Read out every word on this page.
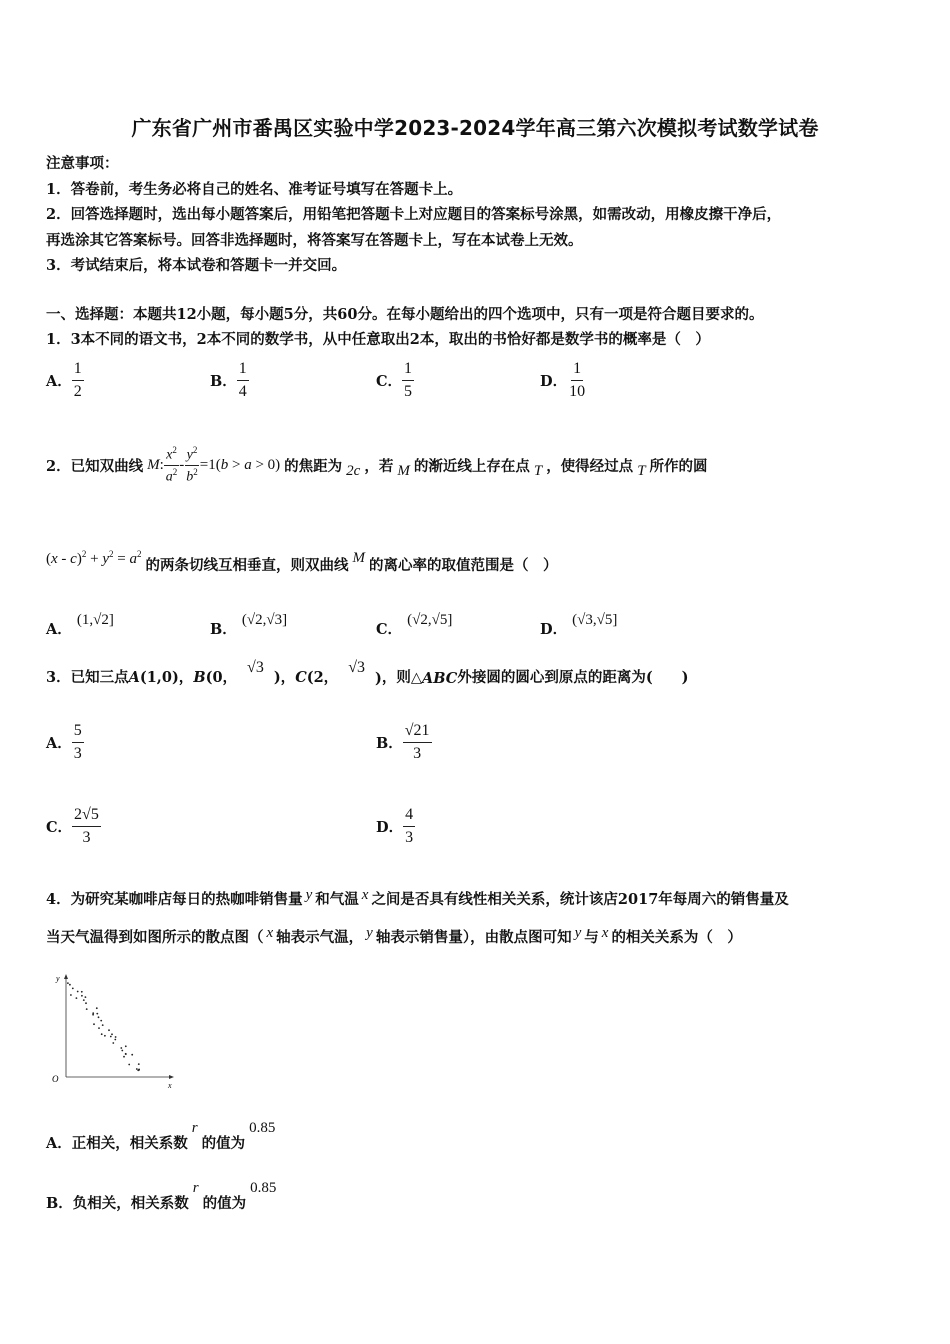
广东省广州市番禺区实验中学2023-2024学年高三第六次模拟考试数学试卷
注意事项：
1．答卷前，考生务必将自己的姓名、准考证号填写在答题卡上。
2．回答选择题时，选出每小题答案后，用铅笔把答题卡上对应题目的答案标号涂黑，如需改动，用橡皮擦干净后，
再选涂其它答案标号。回答非选择题时，将答案写在答题卡上，写在本试卷上无效。
3．考试结束后，将本试卷和答题卡一并交回。
一、选择题：本题共12小题，每小题5分，共60分。在每小题给出的四个选项中，只有一项是符合题目要求的。
1．3本不同的语文书，2本不同的数学书，从中任意取出2本，取出的书恰好都是数学书的概率是（　）
A． $\frac{1}{2}$	B． $\frac{1}{4}$	C． $\frac{1}{5}$	D． $\frac{1}{10}$
2．已知双曲线 M : $\frac{x^2}{a^2} - \frac{y^2}{b^2} =1(b > a > 0)$ 的焦距为 2c ，若 M 的渐近线上存在点 T ，使得经过点 T 所作的圆
$(x - c)^2 + y^2 = a^2$
的两条切线互相垂直，则双曲线 M 的离心率的取值范围是（　）
A． (1,√2]
B． (√2,√3]
C． (√2,√5]
D． (√3,√5]
3．已知三点 A(1,0)，B(0，
√3
)，C(2，
√3
) ，则△ ABC 外接圆的圆心到原点的距离为(　　)
A． $\frac{5}{3}$	B． $\frac{√21}{3}$
C． $\frac{2√5}{3}$	D． $\frac{4}{3}$
4．为研究某咖啡店每日的热咖啡销售量 y 和气温 x 之间是否具有线性相关关系，统计该店2017年每周六的销售量及
当天气温得到如图所示的散点图（ x 轴表示气温， y 轴表示销售量），由散点图可知 y 与 x 的相关关系为（　）
y
x
O
A．正相关，相关系数
r
的值为
0.85
B．负相关，相关系数
r
的值为
0.85
